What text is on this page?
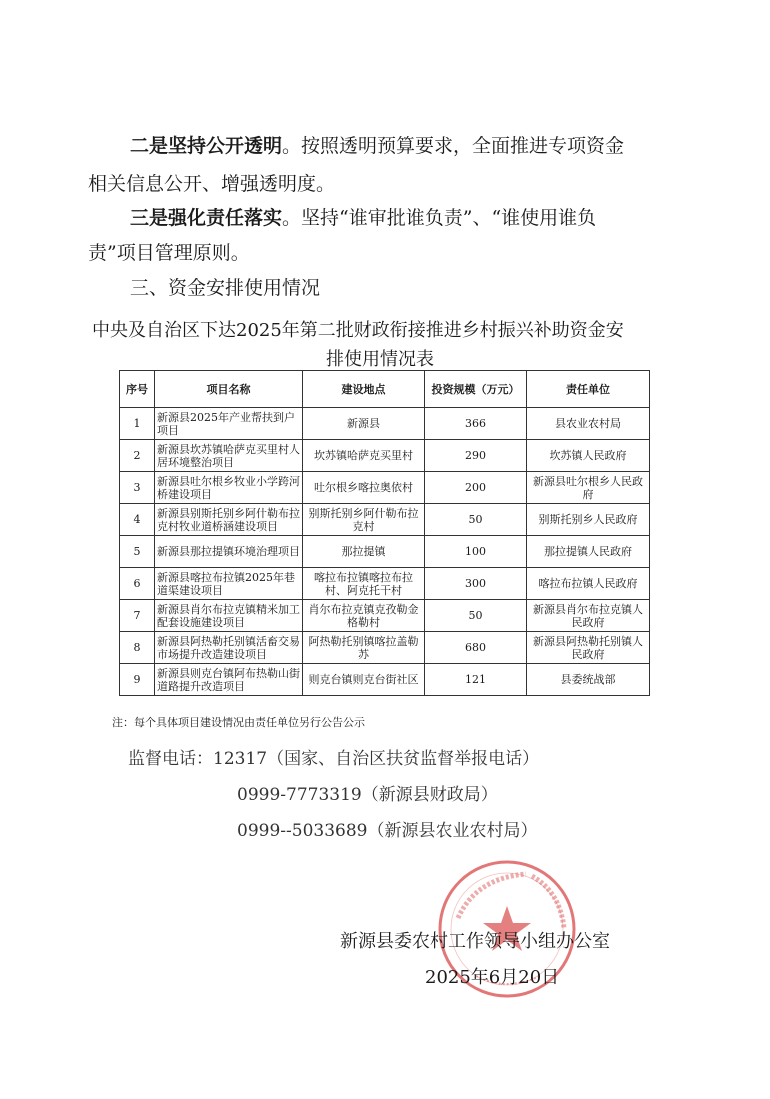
二是坚持公开透明。按照透明预算要求，全面推进专项资金
相关信息公开、增强透明度。
三是强化责任落实。坚持“谁审批谁负责”、“谁使用谁负
责”项目管理原则。
三、资金安排使用情况
中央及自治区下达2025年第二批财政衔接推进乡村振兴补助资金安
排使用情况表
序号	项目名称	建设地点	投资规模（万元）	责任单位
1	新源县2025年产业帮扶到户项目	新源县	366	县农业农村局
2	新源县坎苏镇哈萨克买里村人居环境整治项目	坎苏镇哈萨克买里村	290	坎苏镇人民政府
3	新源县吐尔根乡牧业小学跨河桥建设项目	吐尔根乡喀拉奥依村	200	新源县吐尔根乡人民政府
4	新源县别斯托别乡阿什勒布拉克村牧业道桥涵建设项目	别斯托别乡阿什勒布拉克村	50	别斯托别乡人民政府
5	新源县那拉提镇环境治理项目	那拉提镇	100	那拉提镇人民政府
6	新源县喀拉布拉镇2025年巷道渠建设项目	喀拉布拉镇喀拉布拉村、阿克托干村	300	喀拉布拉镇人民政府
7	新源县肖尔布拉克镇精米加工配套设施建设项目	肖尔布拉克镇克孜勒金格勒村	50	新源县肖尔布拉克镇人民政府
8	新源县阿热勒托别镇活畜交易市场提升改造建设项目	阿热勒托别镇喀拉盖勒苏	680	新源县阿热勒托别镇人民政府
9	新源县则克台镇阿布热勒山街道路提升改造项目	则克台镇则克台街社区	121	县委统战部
注：每个具体项目建设情况由责任单位另行公告公示
监督电话：12317（国家、自治区扶贫监督举报电话）
0999-7773319（新源县财政局）
0999--5033689（新源县农业农村局）
新源县委农村工作领导小组办公室
2025年6月20日
